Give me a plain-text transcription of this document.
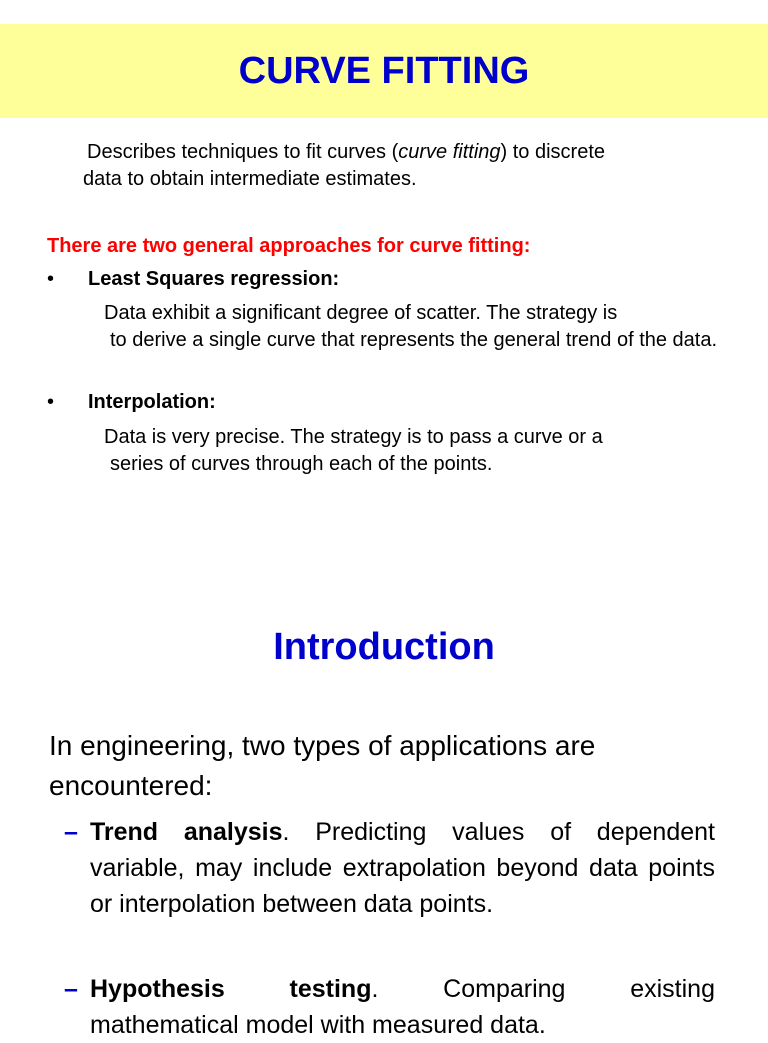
CURVE FITTING

Describes techniques to fit curves (curve fitting) to discrete
data to obtain intermediate estimates.

There are two general approaches for curve fitting:

• Least Squares regression:

Data exhibit a significant degree of scatter. The strategy is
to derive a single curve that represents the general trend of the data.

• Interpolation:

Data is very precise. The strategy is to pass a curve or a
series of curves through each of the points.

Introduction

In engineering, two types of applications are encountered:

– Trend analysis. Predicting values of dependent variable, may include extrapolation beyond data points or interpolation between data points.
– Hypothesis	testing.	Comparing	existing
mathematical model with measured data.
